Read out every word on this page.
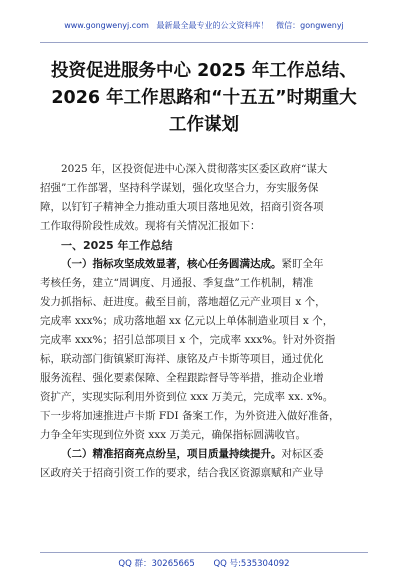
www.gongwenyj.com 最新最全最专业的公文资料库！ 微信：gongwenyj
投资促进服务中心 2025 年工作总结、
2026 年工作思路和“十五五”时期重大
工作谋划
2025 年，区投资促进中心深入贯彻落实区委区政府“谋大
招强”工作部署，坚持科学谋划，强化攻坚合力，夯实服务保
障，以钉钉子精神全力推动重大项目落地见效，招商引资各项
工作取得阶段性成效。现将有关情况汇报如下：
一、2025 年工作总结
（一）指标攻坚成效显著，核心任务圆满达成。紧盯全年
考核任务，建立“周调度、月通报、季复盘”工作机制，精准
发力抓指标、赶进度。截至目前，落地超亿元产业项目 x 个，
完成率 xxx%；成功落地超 xx 亿元以上单体制造业项目 x 个，
完成率 xxx%；招引总部项目 x 个，完成率 xxx%。针对外资指
标，联动部门街镇紧盯海祥、康铭及卢卡斯等项目，通过优化
服务流程、强化要素保障、全程跟踪督导等举措，推动企业增
资扩产，实现实际利用外资到位 xxx 万美元，完成率 xx. x%。
下一步将加速推进卢卡斯 FDI 备案工作，为外资进入做好准备，
力争全年实现到位外资 xxx 万美元，确保指标圆满收官。
（二）精准招商亮点纷呈，项目质量持续提升。对标区委
区政府关于招商引资工作的要求，结合我区资源禀赋和产业导
QQ 群：30265665 QQ 号:535304092
